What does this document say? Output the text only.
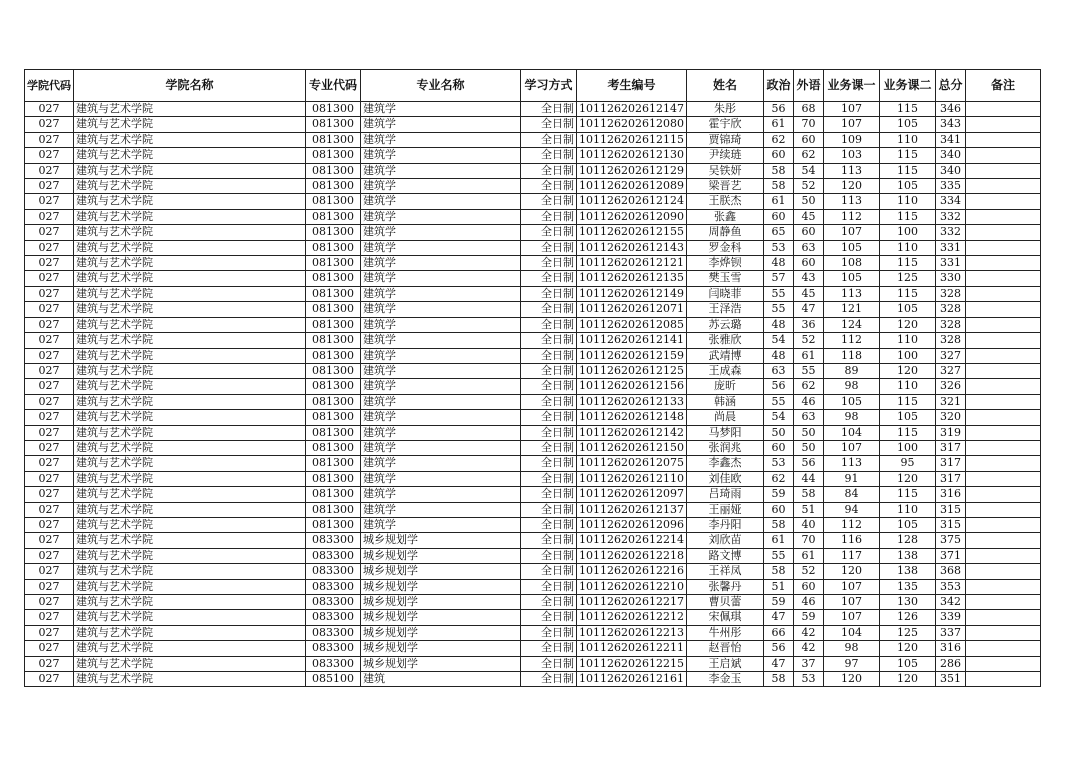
学院代码	学院名称	专业代码	专业名称	学习方式	考生编号	姓名	政治	外语	业务课一	业务课二	总分	备注
027	建筑与艺术学院	081300	建筑学	全日制	101126202612147	朱彤	56	68	107	115	346	
027	建筑与艺术学院	081300	建筑学	全日制	101126202612080	霍宇欣	61	70	107	105	343	
027	建筑与艺术学院	081300	建筑学	全日制	101126202612115	贾锦琦	62	60	109	110	341	
027	建筑与艺术学院	081300	建筑学	全日制	101126202612130	尹续琏	60	62	103	115	340	
027	建筑与艺术学院	081300	建筑学	全日制	101126202612129	吴铁妍	58	54	113	115	340	
027	建筑与艺术学院	081300	建筑学	全日制	101126202612089	梁晋艺	58	52	120	105	335	
027	建筑与艺术学院	081300	建筑学	全日制	101126202612124	王朕杰	61	50	113	110	334	
027	建筑与艺术学院	081300	建筑学	全日制	101126202612090	张鑫	60	45	112	115	332	
027	建筑与艺术学院	081300	建筑学	全日制	101126202612155	周静鱼	65	60	107	100	332	
027	建筑与艺术学院	081300	建筑学	全日制	101126202612143	罗金科	53	63	105	110	331	
027	建筑与艺术学院	081300	建筑学	全日制	101126202612121	李烨钡	48	60	108	115	331	
027	建筑与艺术学院	081300	建筑学	全日制	101126202612135	樊玉雪	57	43	105	125	330	
027	建筑与艺术学院	081300	建筑学	全日制	101126202612149	闫晓菲	55	45	113	115	328	
027	建筑与艺术学院	081300	建筑学	全日制	101126202612071	王泽浩	55	47	121	105	328	
027	建筑与艺术学院	081300	建筑学	全日制	101126202612085	苏云璐	48	36	124	120	328	
027	建筑与艺术学院	081300	建筑学	全日制	101126202612141	张雅欣	54	52	112	110	328	
027	建筑与艺术学院	081300	建筑学	全日制	101126202612159	武靖博	48	61	118	100	327	
027	建筑与艺术学院	081300	建筑学	全日制	101126202612125	王成森	63	55	89	120	327	
027	建筑与艺术学院	081300	建筑学	全日制	101126202612156	庞昕	56	62	98	110	326	
027	建筑与艺术学院	081300	建筑学	全日制	101126202612133	韩涵	55	46	105	115	321	
027	建筑与艺术学院	081300	建筑学	全日制	101126202612148	尚晨	54	63	98	105	320	
027	建筑与艺术学院	081300	建筑学	全日制	101126202612142	马梦阳	50	50	104	115	319	
027	建筑与艺术学院	081300	建筑学	全日制	101126202612150	张润兆	60	50	107	100	317	
027	建筑与艺术学院	081300	建筑学	全日制	101126202612075	李鑫杰	53	56	113	95	317	
027	建筑与艺术学院	081300	建筑学	全日制	101126202612110	刘佳欧	62	44	91	120	317	
027	建筑与艺术学院	081300	建筑学	全日制	101126202612097	吕琦雨	59	58	84	115	316	
027	建筑与艺术学院	081300	建筑学	全日制	101126202612137	王丽娅	60	51	94	110	315	
027	建筑与艺术学院	081300	建筑学	全日制	101126202612096	李丹阳	58	40	112	105	315	
027	建筑与艺术学院	083300	城乡规划学	全日制	101126202612214	刘欣苗	61	70	116	128	375	
027	建筑与艺术学院	083300	城乡规划学	全日制	101126202612218	路文博	55	61	117	138	371	
027	建筑与艺术学院	083300	城乡规划学	全日制	101126202612216	王祥凤	58	52	120	138	368	
027	建筑与艺术学院	083300	城乡规划学	全日制	101126202612210	张馨丹	51	60	107	135	353	
027	建筑与艺术学院	083300	城乡规划学	全日制	101126202612217	曹贝蕾	59	46	107	130	342	
027	建筑与艺术学院	083300	城乡规划学	全日制	101126202612212	宋佩琪	47	59	107	126	339	
027	建筑与艺术学院	083300	城乡规划学	全日制	101126202612213	牛州彤	66	42	104	125	337	
027	建筑与艺术学院	083300	城乡规划学	全日制	101126202612211	赵晋怡	56	42	98	120	316	
027	建筑与艺术学院	083300	城乡规划学	全日制	101126202612215	王启斌	47	37	97	105	286	
027	建筑与艺术学院	085100	建筑	全日制	101126202612161	李金玉	58	53	120	120	351	
